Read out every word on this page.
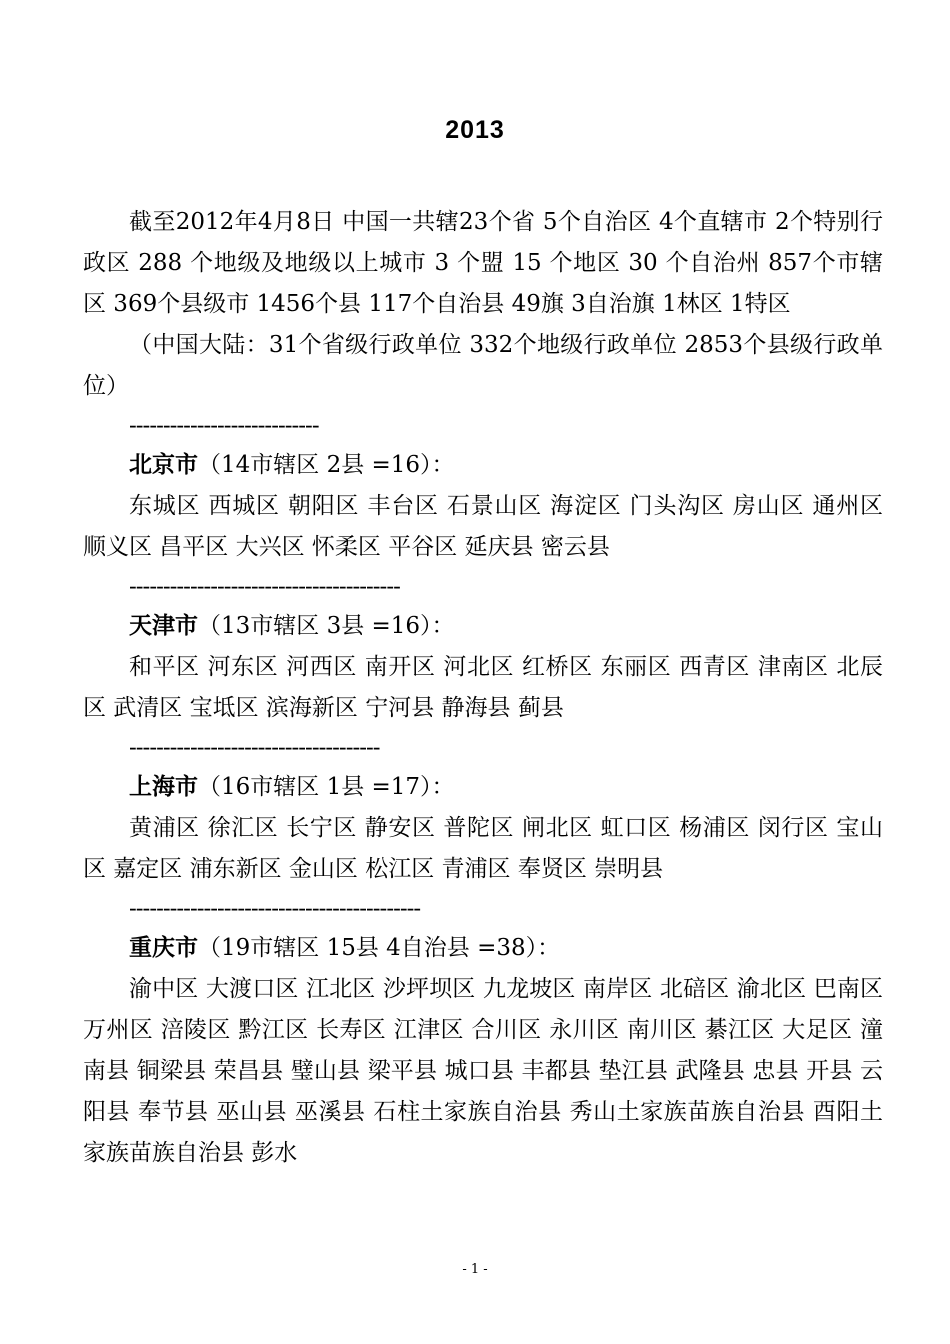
2013

截至2012年4月8日 中国一共辖23个省 5个自治区 4个直辖市 2个特别行政区 288 个地级及地级以上城市 3 个盟 15 个地区 30 个自治州 857个市辖区 369个县级市 1456个县 117个自治县 49旗 3自治旗 1林区 1特区

（中国大陆：31个省级行政单位 332个地级行政单位 2853个县级行政单位）

----------------------------

北京市（14市辖区 2县 =16）：

东城区 西城区 朝阳区 丰台区 石景山区 海淀区 门头沟区 房山区 通州区 顺义区 昌平区 大兴区 怀柔区 平谷区 延庆县 密云县

----------------------------------------

天津市（13市辖区 3县 =16）：

和平区 河东区 河西区 南开区 河北区 红桥区 东丽区 西青区 津南区 北辰区 武清区 宝坻区 滨海新区 宁河县 静海县 蓟县

-------------------------------------

上海市（16市辖区 1县 =17）：

黄浦区 徐汇区 长宁区 静安区 普陀区 闸北区 虹口区 杨浦区 闵行区 宝山区 嘉定区 浦东新区 金山区 松江区 青浦区 奉贤区 崇明县

-------------------------------------------

重庆市（19市辖区 15县 4自治县 =38）：

渝中区 大渡口区 江北区 沙坪坝区 九龙坡区 南岸区 北碚区 渝北区 巴南区 万州区 涪陵区 黔江区 长寿区 江津区 合川区 永川区 南川区 綦江区 大足区 潼南县 铜梁县 荣昌县 璧山县 梁平县 城口县 丰都县 垫江县 武隆县 忠县 开县 云阳县 奉节县 巫山县 巫溪县 石柱土家族自治县 秀山土家族苗族自治县 酉阳土家族苗族自治县 彭水

- 1 -
